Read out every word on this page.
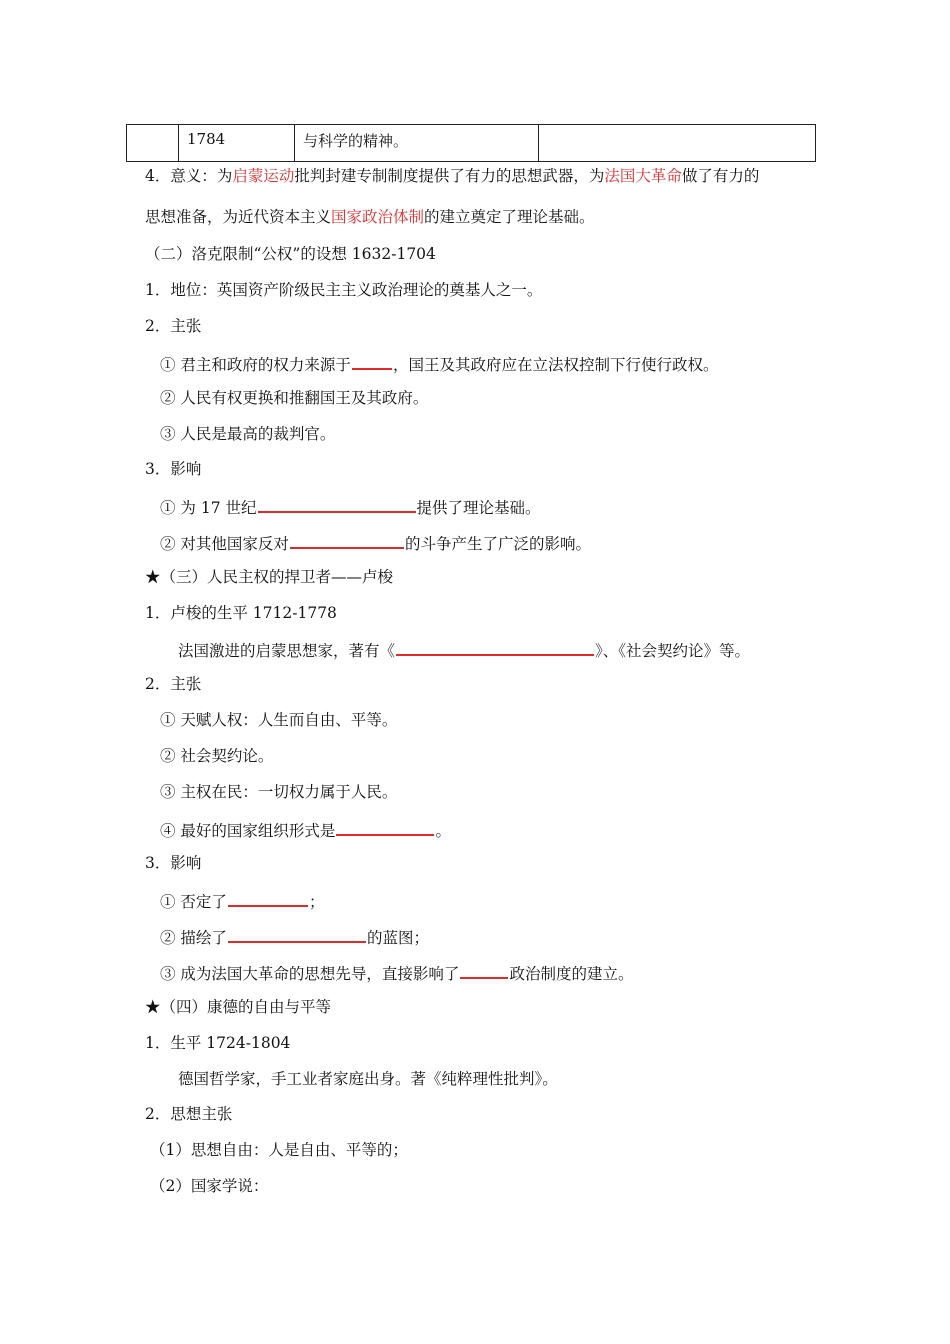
	1784	与科学的精神。	
4．意义：为启蒙运动批判封建专制制度提供了有力的思想武器，为法国大革命做了有力的
思想准备，为近代资本主义国家政治体制的建立奠定了理论基础。
（二）洛克限制“公权”的设想 1632-1704
1．地位：英国资产阶级民主主义政治理论的奠基人之一。
2．主张
① 君主和政府的权力来源于	，国王及其政府应在立法权控制下行使行政权。
② 人民有权更换和推翻国王及其政府。
③ 人民是最高的裁判官。
3．影响
① 为 17 世纪	提供了理论基础。
② 对其他国家反对	的斗争产生了广泛的影响。
★（三）人民主权的捍卫者——卢梭
1．卢梭的生平 1712-1778
法国激进的启蒙思想家，著有《	》、《社会契约论》等。
2．主张
① 天赋人权：人生而自由、平等。
② 社会契约论。
③ 主权在民：一切权力属于人民。
④ 最好的国家组织形式是	。
3．影响
① 否定了	；
② 描绘了	的蓝图；
③ 成为法国大革命的思想先导，直接影响了	政治制度的建立。
★（四）康德的自由与平等
1．生平 1724-1804
德国哲学家，手工业者家庭出身。著《纯粹理性批判》。
2．思想主张
（1）思想自由：人是自由、平等的；
（2）国家学说：
